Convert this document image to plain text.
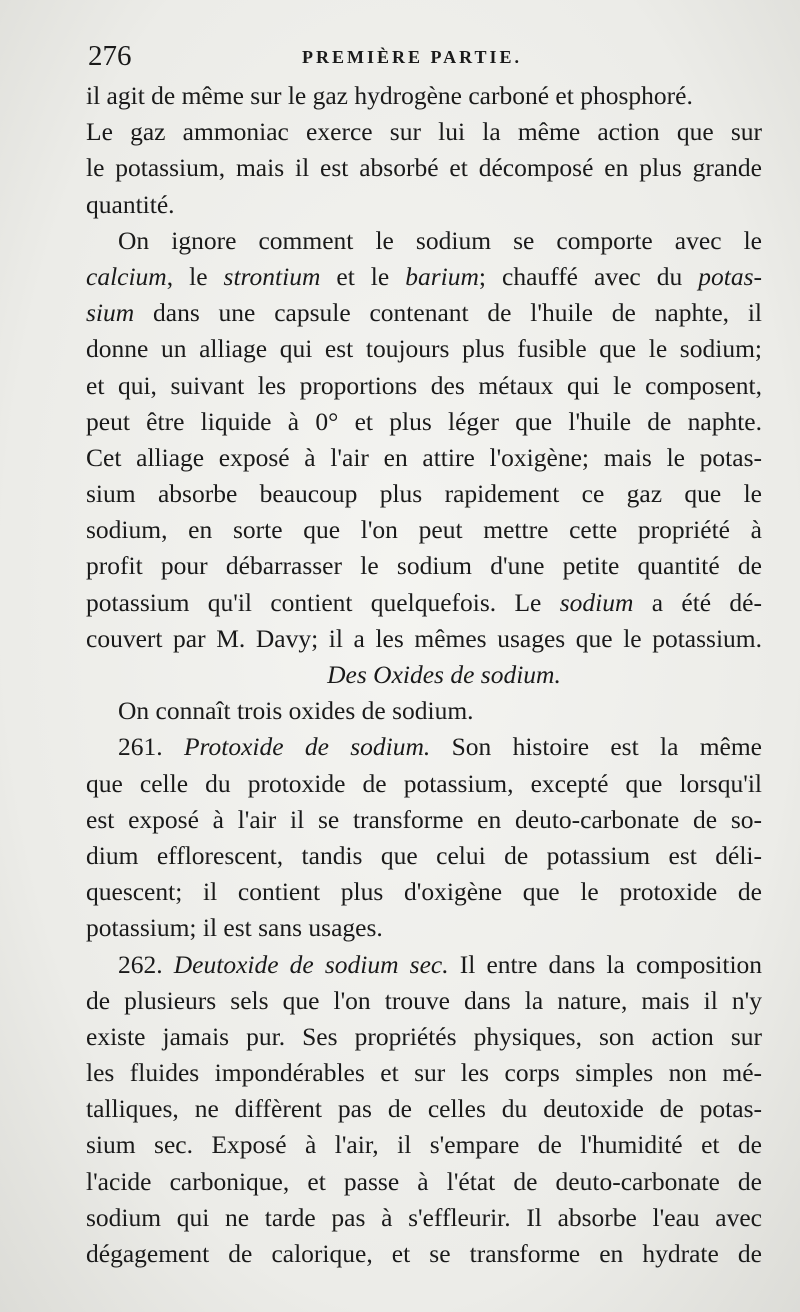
276	PREMIÈRE PARTIE.
il agit de même sur le gaz hydrogène carboné et phosphoré.
Le gaz ammoniac exerce sur lui la même action que sur
le potassium, mais il est absorbé et décomposé en plus grande
quantité.
On ignore comment le sodium se comporte avec le
calcium, le strontium et le barium; chauffé avec du potas-
sium dans une capsule contenant de l'huile de naphte, il
donne un alliage qui est toujours plus fusible que le sodium;
et qui, suivant les proportions des métaux qui le composent,
peut être liquide à 0° et plus léger que l'huile de naphte.
Cet alliage exposé à l'air en attire l'oxigène; mais le potas-
sium absorbe beaucoup plus rapidement ce gaz que le
sodium, en sorte que l'on peut mettre cette propriété à
profit pour débarrasser le sodium d'une petite quantité de
potassium qu'il contient quelquefois. Le sodium a été dé-
couvert par M. Davy; il a les mêmes usages que le potassium.
Des Oxides de sodium.
On connaît trois oxides de sodium.
261. Protoxide de sodium. Son histoire est la même
que celle du protoxide de potassium, excepté que lorsqu'il
est exposé à l'air il se transforme en deuto-carbonate de so-
dium efflorescent, tandis que celui de potassium est déli-
quescent; il contient plus d'oxigène que le protoxide de
potassium; il est sans usages.
262. Deutoxide de sodium sec. Il entre dans la composition
de plusieurs sels que l'on trouve dans la nature, mais il n'y
existe jamais pur. Ses propriétés physiques, son action sur
les fluides impondérables et sur les corps simples non mé-
talliques, ne diffèrent pas de celles du deutoxide de potas-
sium sec. Exposé à l'air, il s'empare de l'humidité et de
l'acide carbonique, et passe à l'état de deuto-carbonate de
sodium qui ne tarde pas à s'effleurir. Il absorbe l'eau avec
dégagement de calorique, et se transforme en hydrate de
